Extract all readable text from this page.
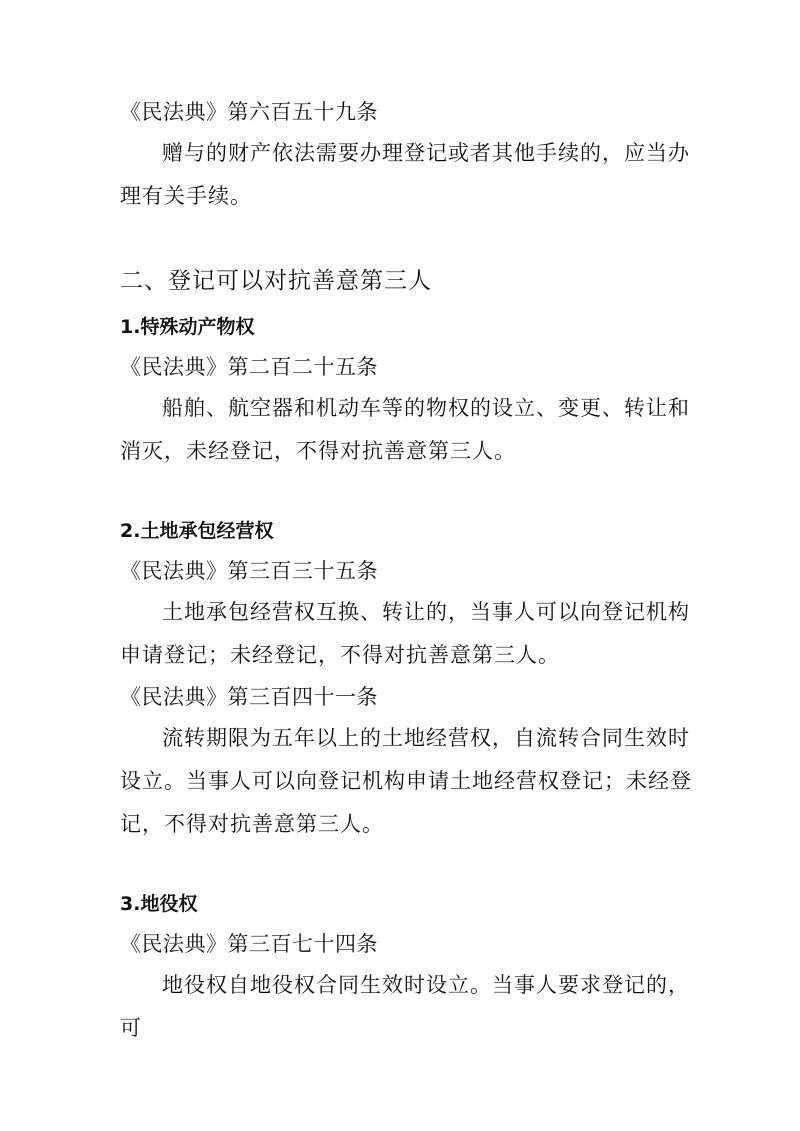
《民法典》第六百五十九条

赠与的财产依法需要办理登记或者其他手续的，应当办理有关手续。

二、登记可以对抗善意第三人

1.特殊动产物权

《民法典》第二百二十五条

船舶、航空器和机动车等的物权的设立、变更、转让和消灭，未经登记，不得对抗善意第三人。

2.土地承包经营权

《民法典》第三百三十五条

土地承包经营权互换、转让的，当事人可以向登记机构申请登记；未经登记，不得对抗善意第三人。

《民法典》第三百四十一条

流转期限为五年以上的土地经营权，自流转合同生效时设立。当事人可以向登记机构申请土地经营权登记；未经登记，不得对抗善意第三人。

3.地役权

《民法典》第三百七十四条

地役权自地役权合同生效时设立。当事人要求登记的，可
